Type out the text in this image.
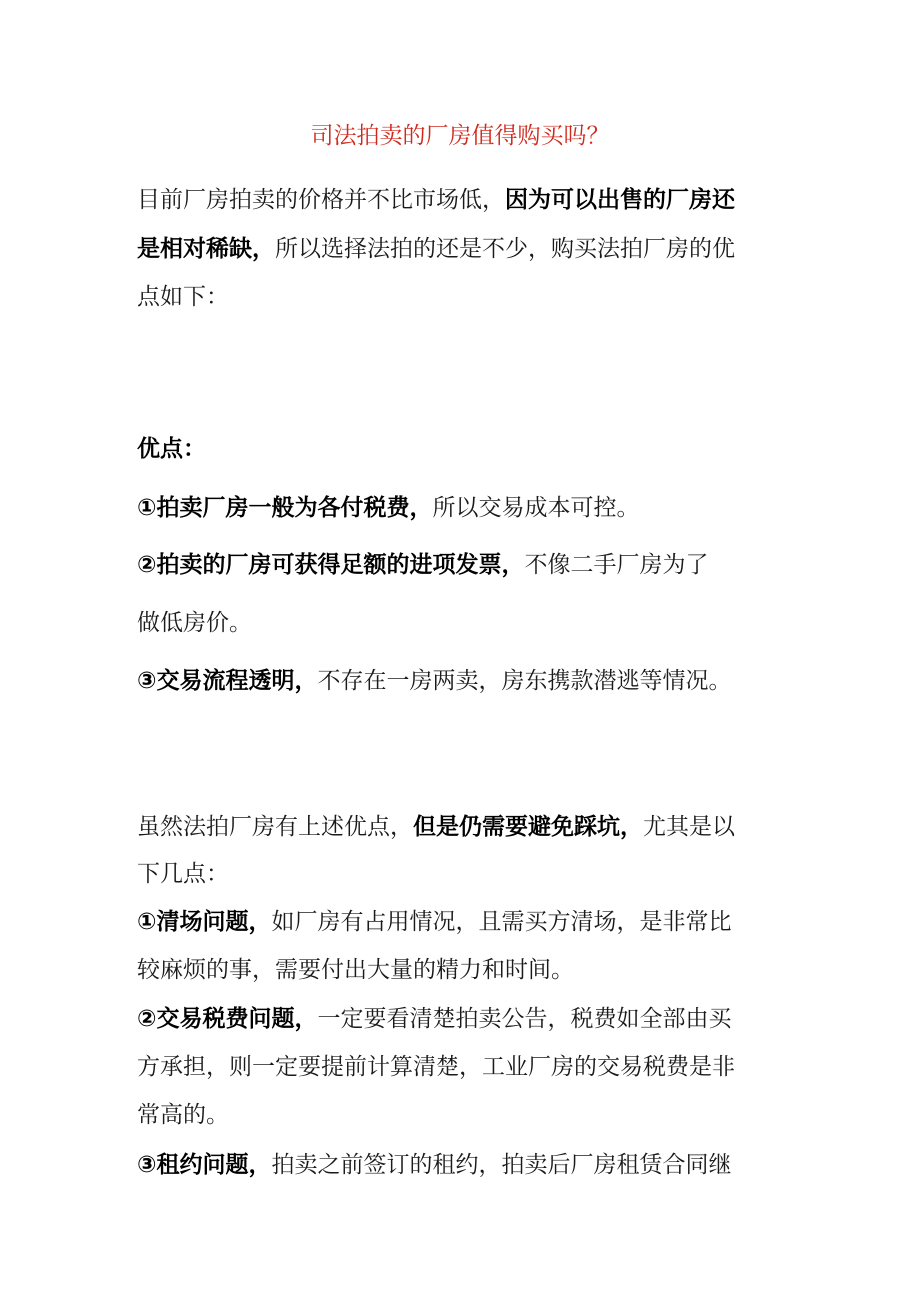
司法拍卖的厂房值得购买吗？
目前厂房拍卖的价格并不比市场低，因为可以出售的厂房还
是相对稀缺，所以选择法拍的还是不少，购买法拍厂房的优
点如下：
优点：
①拍卖厂房一般为各付税费，所以交易成本可控。
②拍卖的厂房可获得足额的进项发票，不像二手厂房为了
做低房价。
③交易流程透明，不存在一房两卖，房东携款潜逃等情况。
虽然法拍厂房有上述优点，但是仍需要避免踩坑，尤其是以
下几点：
①清场问题，如厂房有占用情况，且需买方清场，是非常比
较麻烦的事，需要付出大量的精力和时间。
②交易税费问题，一定要看清楚拍卖公告，税费如全部由买
方承担，则一定要提前计算清楚，工业厂房的交易税费是非
常高的。
③租约问题，拍卖之前签订的租约，拍卖后厂房租赁合同继
